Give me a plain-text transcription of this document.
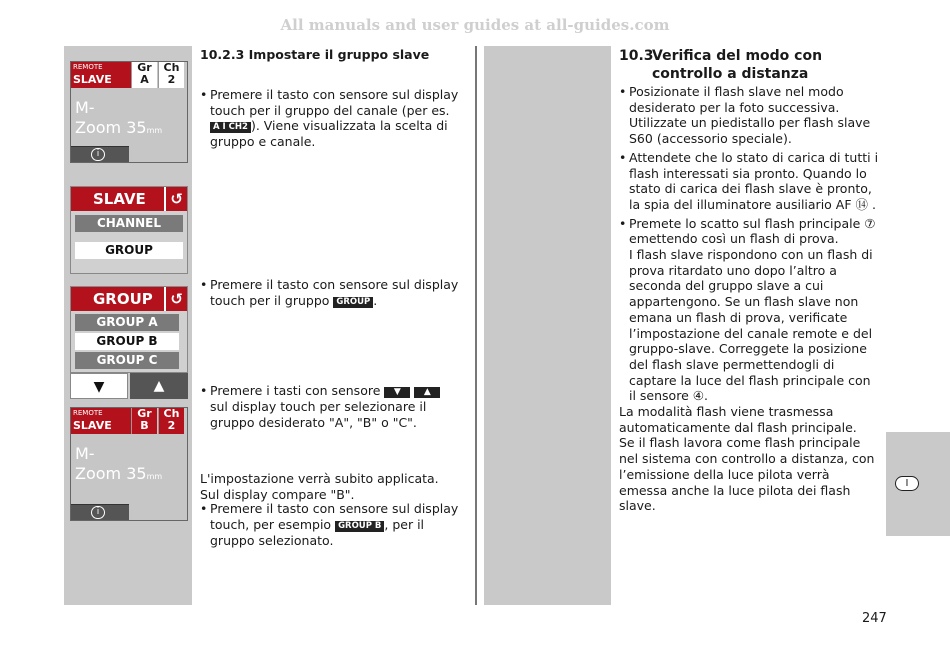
All manuals and user guides at all-guides.com
I
REMOTE
SLAVE
Gr
A
Ch
2
M-
Zoom 35mm
i
SLAVE	↺
CHANNEL
GROUP
GROUP	↺
GROUP A
GROUP B
GROUP C
▼	▲
REMOTE
SLAVE
Gr
B
Ch
2
M-
Zoom 35mm
i
10.2.3 Impostare il gruppo slave
• Premere il tasto con sensore sul display touch per il gruppo del canale (per es. A I CH2 ). Viene visualizzata la scelta di gruppo e canale.
• Premere il tasto con sensore sul display touch per il gruppo GROUP .
• Premere i tasti con sensore ▼	▲ sul display touch per selezionare il gruppo desiderato "A", "B" o "C".
• Premere il tasto con sensore sul display touch, per esempio GROUP B , per il gruppo selezionato.
L'impostazione verrà subito applicata.
Sul display compare "B".
10.3
Verifica del modo con controllo a distanza
• Posizionate il flash slave nel modo desiderato per la foto successiva.
Utilizzate un piedistallo per flash slave S60 (accessorio speciale).
• Attendete che lo stato di carica di tutti i flash interessati sia pronto. Quando lo stato di carica dei flash slave è pronto, la spia del illuminatore ausiliario AF ⑭ .
• Premete lo scatto sul flash principale ⑦ emettendo così un flash di prova.
I flash slave rispondono con un flash di prova ritardato uno dopo l’altro a seconda del gruppo slave a cui appartengono. Se un flash slave non emana un flash di prova, verificate l’impostazione del canale remote e del gruppo-slave. Correggete la posizione del flash slave permettendogli di captare la luce del flash principale con il sensore ④.
La modalità flash viene trasmessa automaticamente dal flash principale.
Se il flash lavora come flash principale nel sistema con controllo a distanza, con l’emissione della luce pilota verrà emessa anche la luce pilota dei flash slave.
247
